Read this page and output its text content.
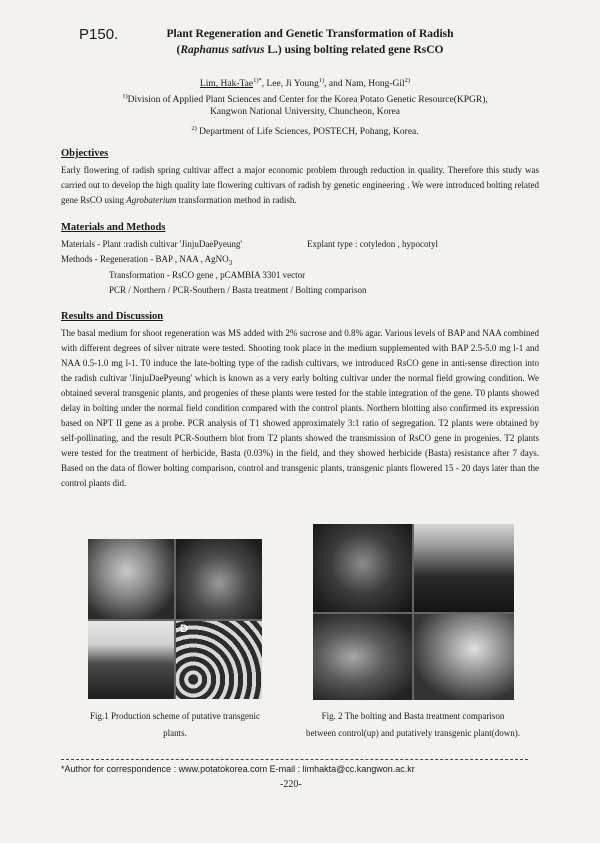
P150.	Plant Regeneration and Genetic Transformation of Radish
(Raphanus sativus L.) using bolting related gene RsCO
Lim, Hak-Tae$^{1)*}$, Lee, Ji Young$^{1)}$, and Nam, Hong-Gil$^{2)}$
$^{1)}$Division of Applied Plant Sciences and Center for the Korea Potato Genetic Resource(KPGR),
Kangwon National University, Chuncheon, Korea
$^{2)}$ Department of Life Sciences, POSTECH, Pohang, Korea.
Objectives
Early flowering of radish spring cultivar affect a major economic problem through reduction in quality. Therefore this study was carried out to develop the high quality late flowering cultivars of radish by genetic engineering . We were introduced bolting related gene RsCO using Agrobaterium transformation method in radish.
Materials and Methods
Materials - Plant :radish cultivar 'JinjuDaePyeung'	Explant type : cotyledon , hypocotyl
Methods - Regeneration - BAP , NAA , AgNO$_3$
Transformation - RsCO gene , pCAMBIA 3301 vector
PCR / Northern / PCR-Southern / Basta treatment / Bolting comparison
Results and Discussion
The basal medium for shoot regeneration was MS added with 2% sucrose and 0.8% agar. Various levels of BAP and NAA combined with different degrees of silver nitrate were tested. Shooting took place in the medium supplemented with BAP 2.5-5.0 mg l-1 and NAA 0.5-1.0 mg l-1. T0 induce the late-bolting type of the radish cultivars, we introduced RsCO gene in anti-sense direction into the radish cultivar 'JinjuDaePyeung' which is known as a very early bolting cultivar under the normal field growing condition. We obtained several transgenic plants, and progenies of these plants were tested for the stable integration of the gene. T0 plants showed delay in bolting under the normal field condition compared with the control plants. Northern blotting also confirmed its expression based on NPT II gene as a probe. PCR analysis of T1 showed approximately 3:1 ratio of segregation. T2 plants were obtained by self-pollinating, and the result PCR-Southern blot from T2 plants showed the transmission of RsCO gene in progenies. T2 plants were tested for the treatment of herbicide, Basta (0.03%) in the field, and they showed herbicide (Basta) resistance after 7 days. Based on the data of flower bolting comparison, control and transgenic plants, transgenic plants flowered 15 - 20 days later than the control plants did.
D
Fig.1 Production scheme of putative transgenic
plants.
Fig. 2 The bolting and Basta treatment comparison
between control(up) and putatively transgenic plant(down).
*Author for correspondence : www.potatokorea.com E-mail : limhakta@cc.kangwon.ac.kr
-220-
